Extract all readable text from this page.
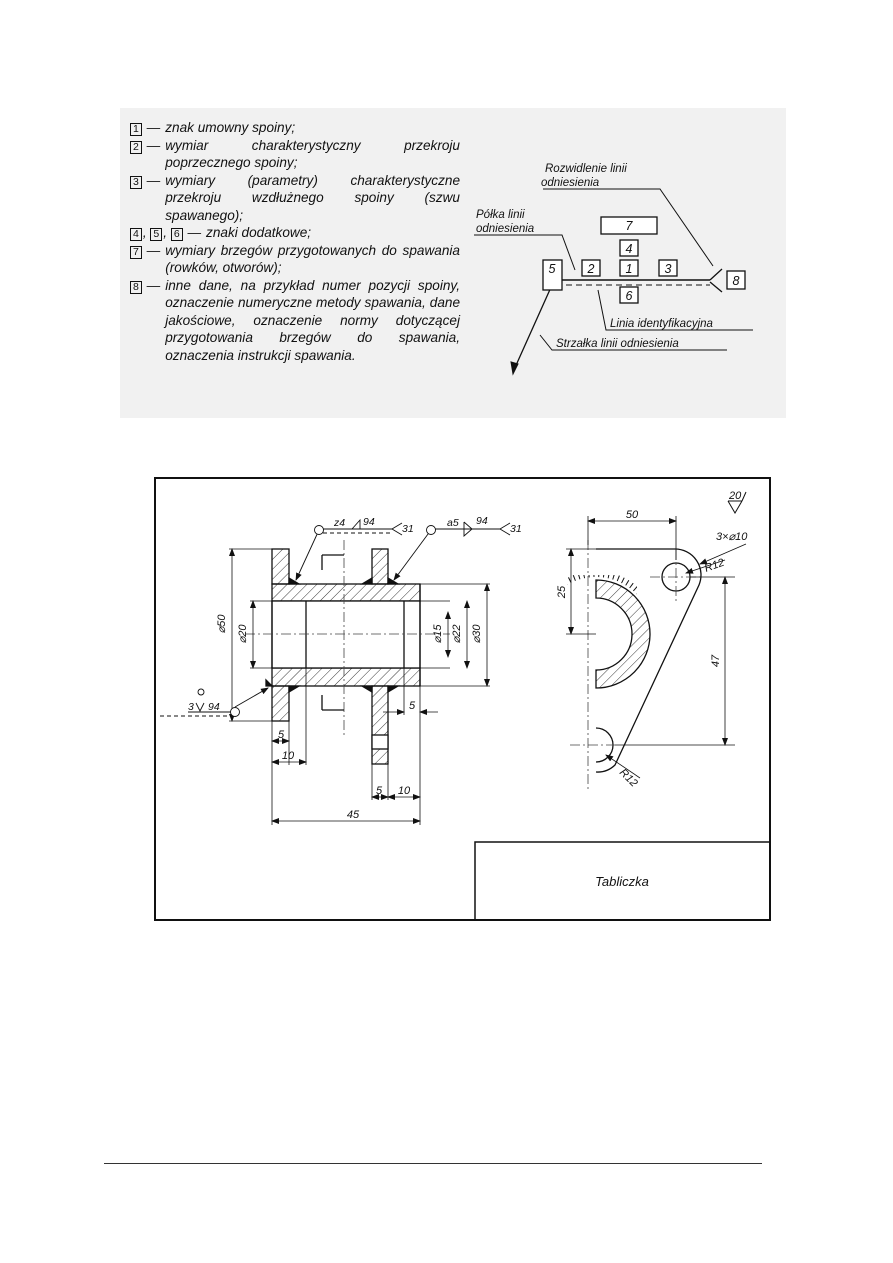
1 — znak umowny spoiny;
2 — wymiar charakterystyczny przekroju poprzecznego spoiny;
3 — wymiary (parametry) charakterystyczne przekroju wzdłużnego spoiny (szwu spawanego);
4 , 5 , 6 — znaki dodatkowe;
7 — wymiary brzegów przygotowanych do spawania (rowków, otworów);
8 — inne dane, na przykład numer pozycji spoiny, oznaczenie numeryczne metody spawania, dane jakościowe, oznaczenie normy dotyczącej przygotowania brzegów do spawania, oznaczenia instrukcji spawania.
7
4
5	2 1	3
8
6
Rozwidlenie linii
odniesienia
Półka linii
odniesienia
Linia identyfikacyjna
Strzałka linii odniesienia
Tabliczka
20
⌀50
⌀20	⌀15 ⌀22 ⌀30
5
10
5
10
5
45
z4 94
31	a5 94
31
3 94
50
3×⌀10
R12
25
47
R12
